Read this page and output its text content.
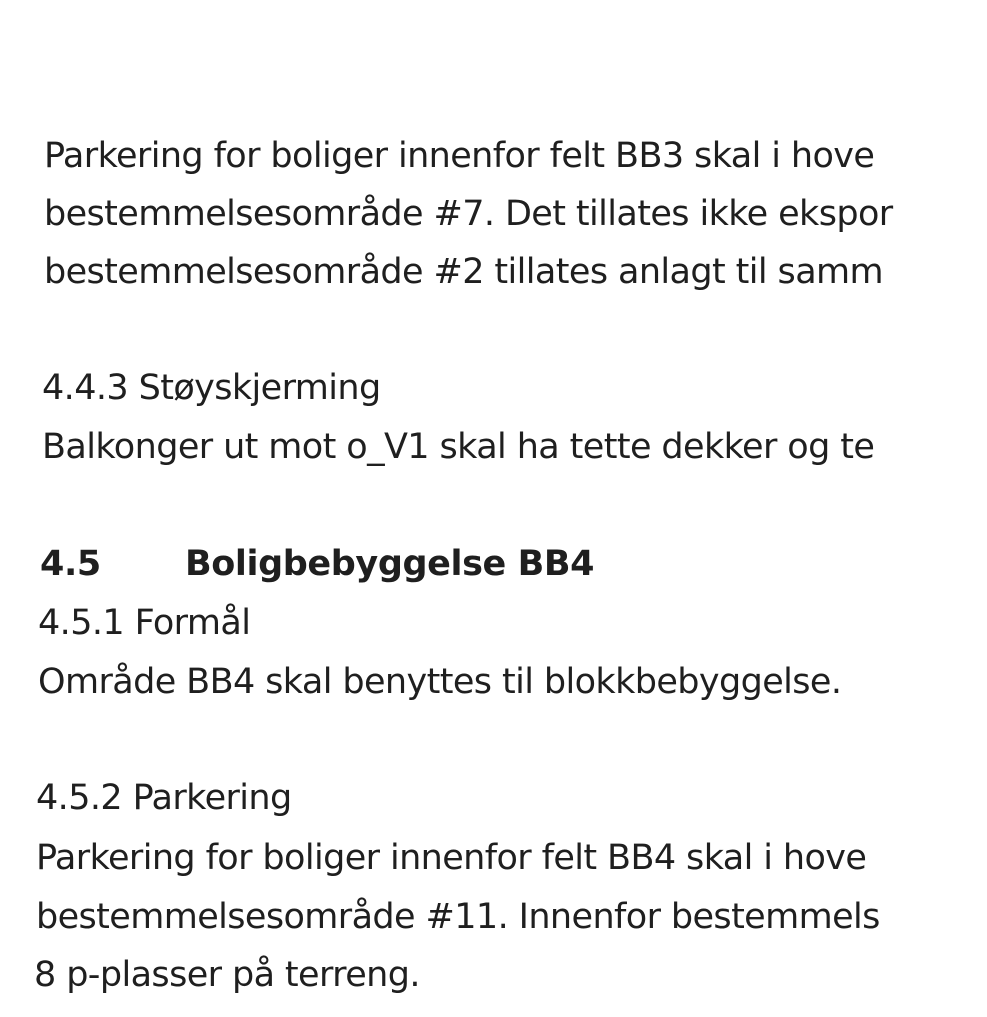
Parkering for boliger innenfor felt BB3 skal i hove
bestemmelsesområde #7. Det tillates ikke ekspor
bestemmelsesområde #2 tillates anlagt til samm
4.4.3 Støyskjerming
Balkonger ut mot o_V1 skal ha tette dekker og te
4.5 Boligbebyggelse BB4
4.5.1 Formål
Område BB4 skal benyttes til blokkbebyggelse.
4.5.2 Parkering
Parkering for boliger innenfor felt BB4 skal i hove
bestemmelsesområde #11. Innenfor bestemmels
8 p-plasser på terreng.
